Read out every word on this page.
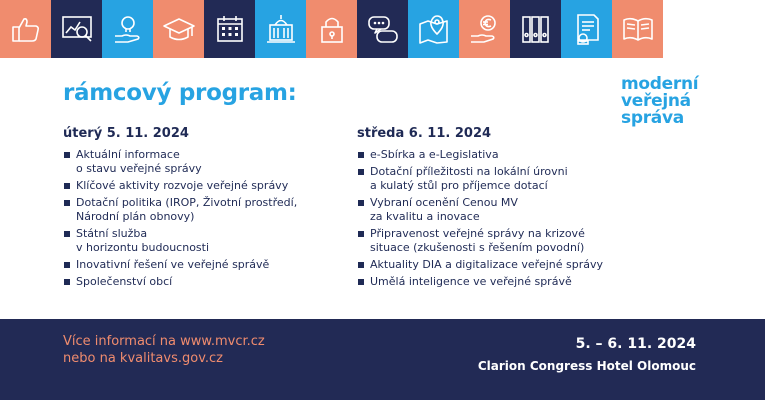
rámcový program:	moderní
veřejná
správa
úterý 5. 11. 2024
Aktuální informace
o stavu veřejné správy
Klíčové aktivity rozvoje veřejné správy
Dotační politika (IROP, Životní prostředí,
Národní plán obnovy)
Státní služba
v horizontu budoucnosti
Inovativní řešení ve veřejné správě
Společenství obcí
středa 6. 11. 2024
e-Sbírka a e-Legislativa
Dotační příležitosti na lokální úrovni
a kulatý stůl pro příjemce dotací
Vybraní ocenění Cenou MV
za kvalitu a inovace
Připravenost veřejné správy na krizové
situace (zkušenosti s řešením povodní)
Aktuality DIA a digitalizace veřejné správy
Umělá inteligence ve veřejné správě
Více informací na www.mvcr.cz
nebo na kvalitavs.gov.cz
5. – 6. 11. 2024
Clarion Congress Hotel Olomouc
